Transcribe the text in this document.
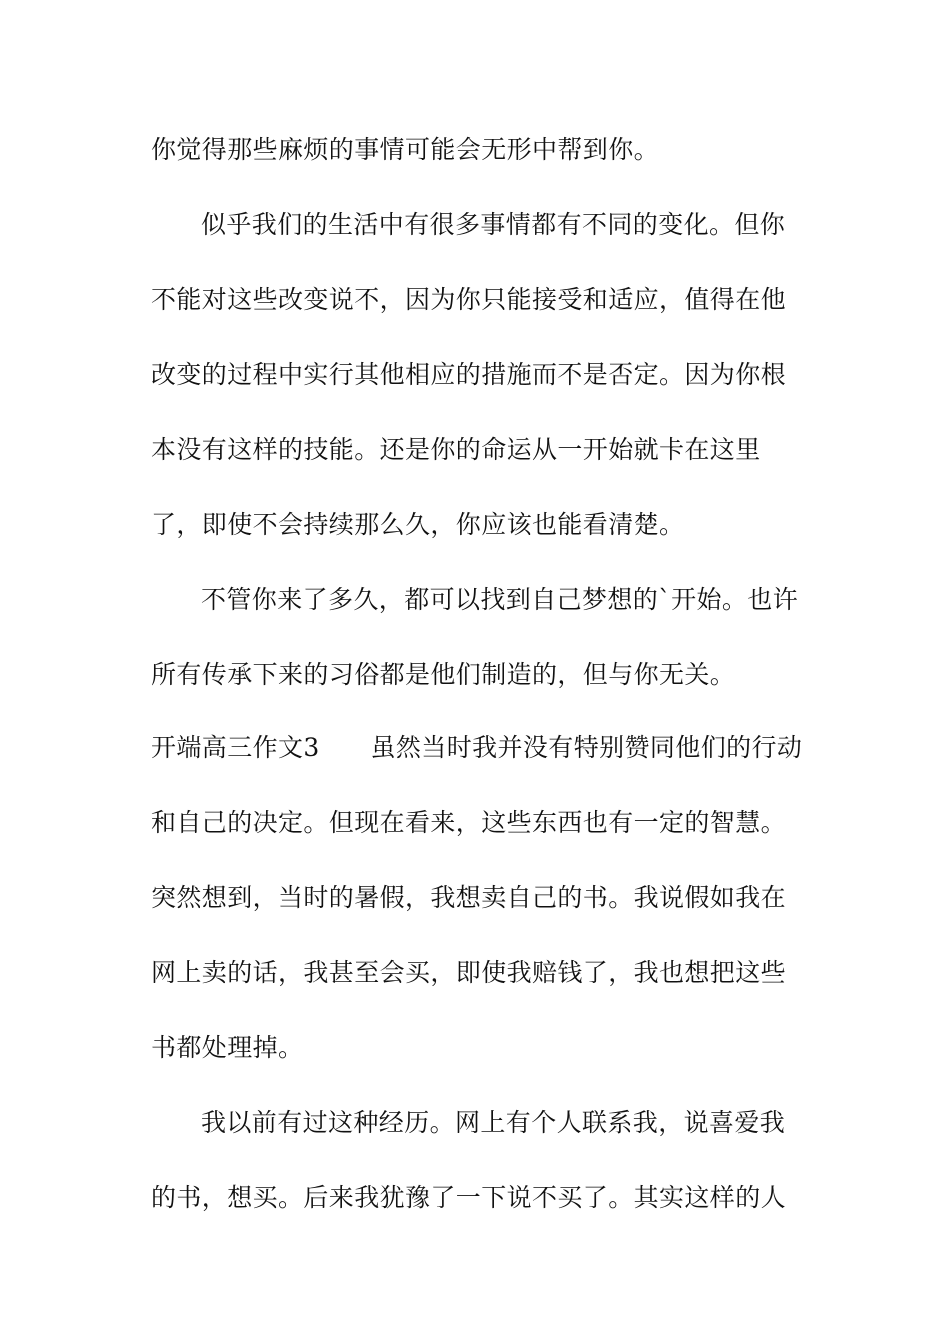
你觉得那些麻烦的事情可能会无形中帮到你。
似乎我们的生活中有很多事情都有不同的变化。但你
不能对这些改变说不，因为你只能接受和适应，值得在他
改变的过程中实行其他相应的措施而不是否定。因为你根
本没有这样的技能。还是你的命运从一开始就卡在这里
了，即使不会持续那么久，你应该也能看清楚。
不管你来了多久，都可以找到自己梦想的`开始。也许
所有传承下来的习俗都是他们制造的，但与你无关。
开端高三作文3　　虽然当时我并没有特别赞同他们的行动
和自己的决定。但现在看来，这些东西也有一定的智慧。
突然想到，当时的暑假，我想卖自己的书。我说假如我在
网上卖的话，我甚至会买，即使我赔钱了，我也想把这些
书都处理掉。
我以前有过这种经历。网上有个人联系我，说喜爱我
的书，想买。后来我犹豫了一下说不买了。其实这样的人
